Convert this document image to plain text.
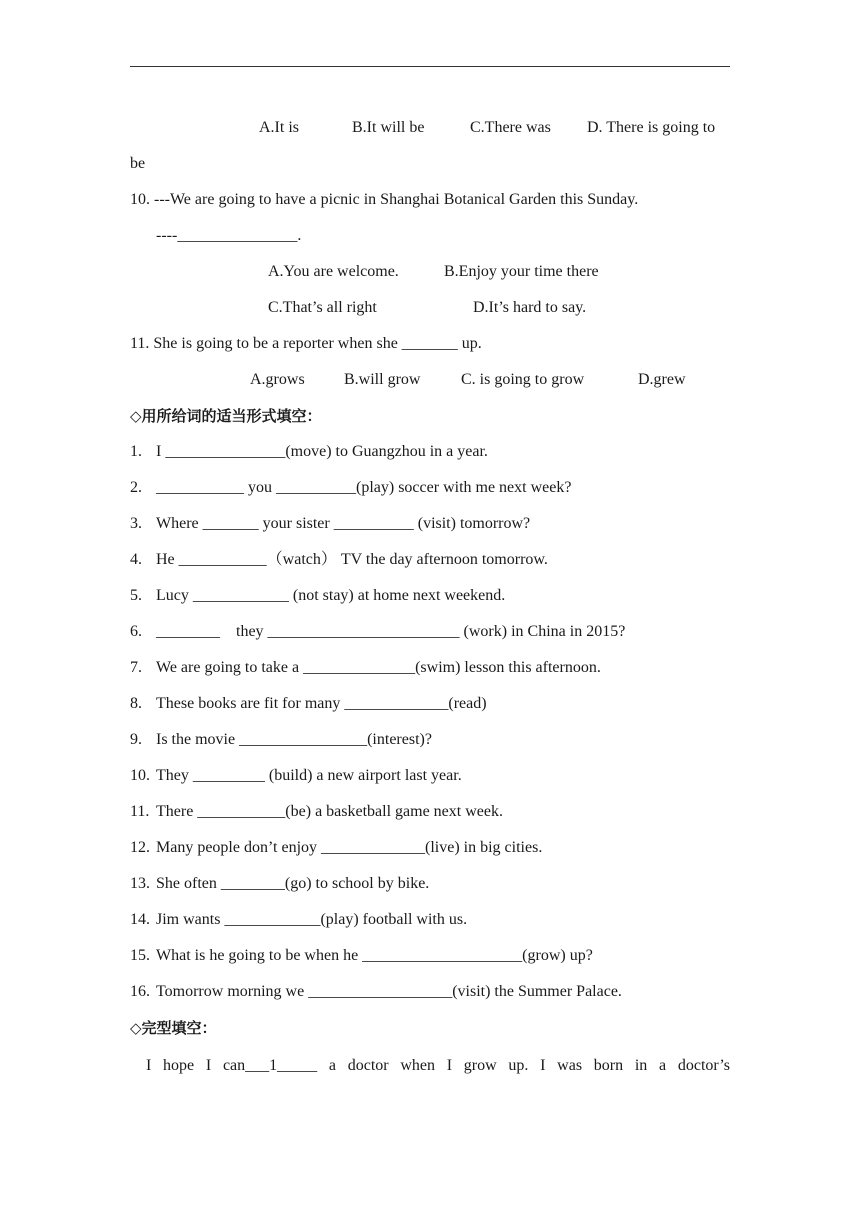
A.It is	B.It will be	C.There was D. There is going to
be
10. -‑‑We are going to have a picnic in Shanghai Botanical Garden this Sunday.
----_______________.
A.You are welcome.	B.Enjoy your time there
C.That’s all right	D.It’s hard to say.
11. She is going to be a reporter when she _______ up.
A.grows B.will grow	C. is going to grow	D.grew
◇用所给词的适当形式填空：
1. I _______________(move) to Guangzhou in a year.
2. ___________ you __________(play) soccer with me next week?
3. Where _______ your sister __________ (visit) tomorrow?
4. He ___________（watch） TV the day afternoon tomorrow.
5. Lucy ____________ (not stay) at home next weekend.
6. ________    they ________________________ (work) in China in 2015?
7. We are going to take a ______________(swim) lesson this afternoon.
8. These books are fit for many _____________(read)
9. Is the movie ________________(interest)?
10. They _________ (build) a new airport last year.
11. There ___________(be) a basketball game next week.
12. Many people don’t enjoy _____________(live) in big cities.
13. She often ________(go) to school by bike.
14. Jim wants ____________(play) football with us.
15. What is he going to be when he ____________________(grow) up?
16. Tomorrow morning we __________________(visit) the Summer Palace.
◇完型填空：
I hope I can___1_____ a doctor when I grow up. I was born in a doctor’s
